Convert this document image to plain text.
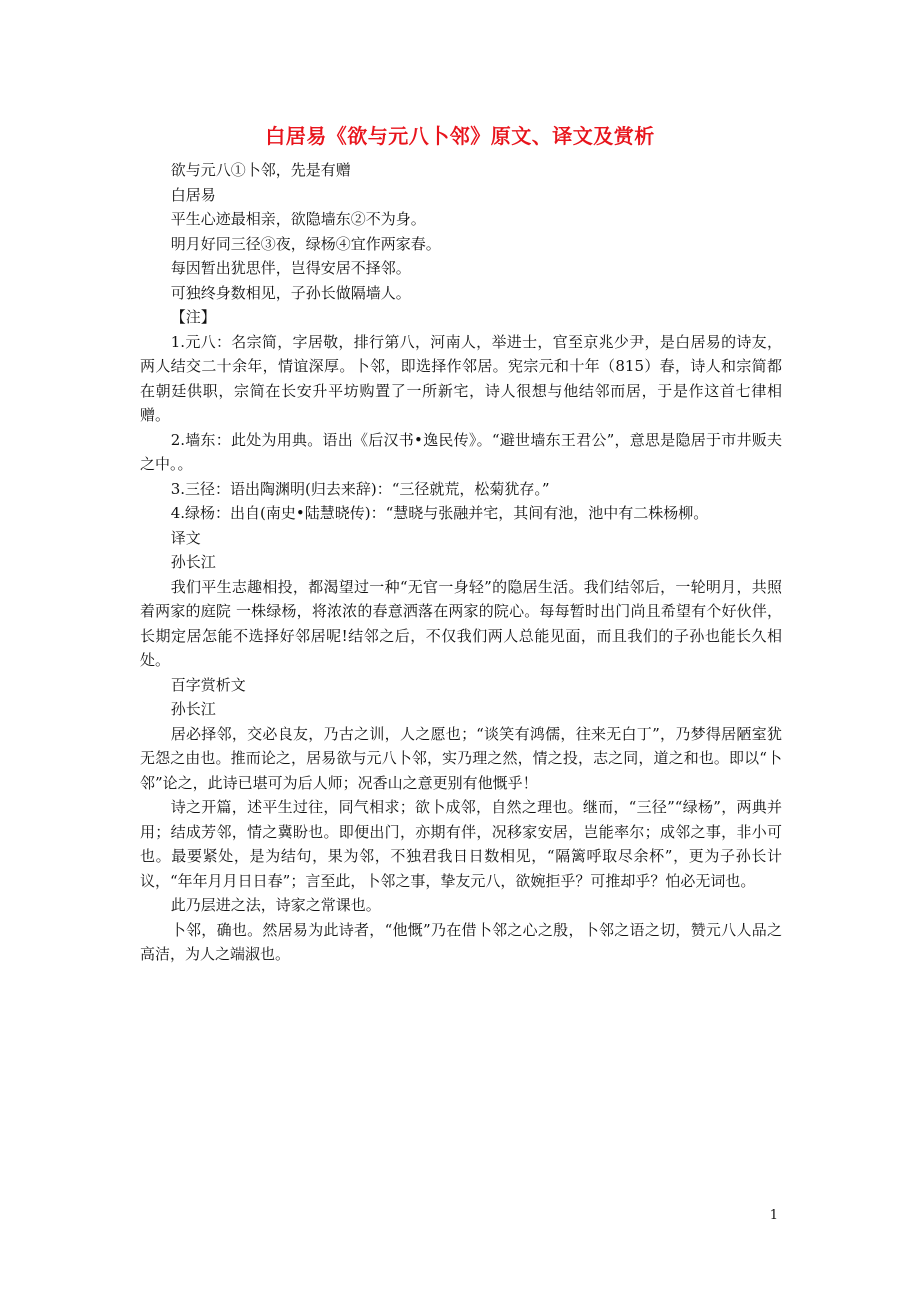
白居易《欲与元八卜邻》原文、译文及赏析

欲与元八①卜邻，先是有赠

白居易

平生心迹最相亲，欲隐墙东②不为身。

明月好同三径③夜，绿杨④宜作两家春。

每因暂出犹思伴，岂得安居不择邻。

可独终身数相见，子孙长做隔墙人。

【注】

1.元八：名宗简，字居敬，排行第八，河南人，举进士，官至京兆少尹，是白居易的诗友，两人结交二十余年，情谊深厚。卜邻，即选择作邻居。宪宗元和十年（815）春，诗人和宗简都在朝廷供职，宗简在长安升平坊购置了一所新宅，诗人很想与他结邻而居，于是作这首七律相赠。

2.墙东：此处为用典。语出《后汉书•逸民传》。“避世墙东王君公”，意思是隐居于市井贩夫之中。。

3.三径：语出陶渊明(归去来辞)：“三径就荒，松菊犹存。”

4.绿杨：出自(南史•陆慧晓传)：“慧晓与张融并宅，其间有池，池中有二株杨柳。

译文

孙长江

我们平生志趣相投，都渴望过一种“无官一身轻”的隐居生活。我们结邻后，一轮明月，共照着两家的庭院 一株绿杨，将浓浓的春意洒落在两家的院心。每每暂时出门尚且希望有个好伙伴，长期定居怎能不选择好邻居呢!结邻之后，不仅我们两人总能见面，而且我们的子孙也能长久相处。

百字赏析文

孙长江

居必择邻，交必良友，乃古之训，人之愿也；“谈笑有鸿儒，往来无白丁”，乃梦得居陋室犹无怨之由也。推而论之，居易欲与元八卜邻，实乃理之然，情之投，志之同，道之和也。即以“卜邻”论之，此诗已堪可为后人师；况香山之意更别有他慨乎！

诗之开篇，述平生过往，同气相求；欲卜成邻，自然之理也。继而，“三径”“绿杨”，两典并用；结成芳邻，情之冀盼也。即便出门，亦期有伴，况移家安居，岂能率尔；成邻之事，非小可也。最要紧处，是为结句，果为邻，不独君我日日数相见，“隔篱呼取尽余杯”，更为子孙长计议，“年年月月日日春”；言至此，卜邻之事，挚友元八，欲婉拒乎？可推却乎？怕必无词也。

此乃层进之法，诗家之常课也。

卜邻，确也。然居易为此诗者，“他慨”乃在借卜邻之心之殷，卜邻之语之切，赞元八人品之高洁，为人之端淑也。

1
